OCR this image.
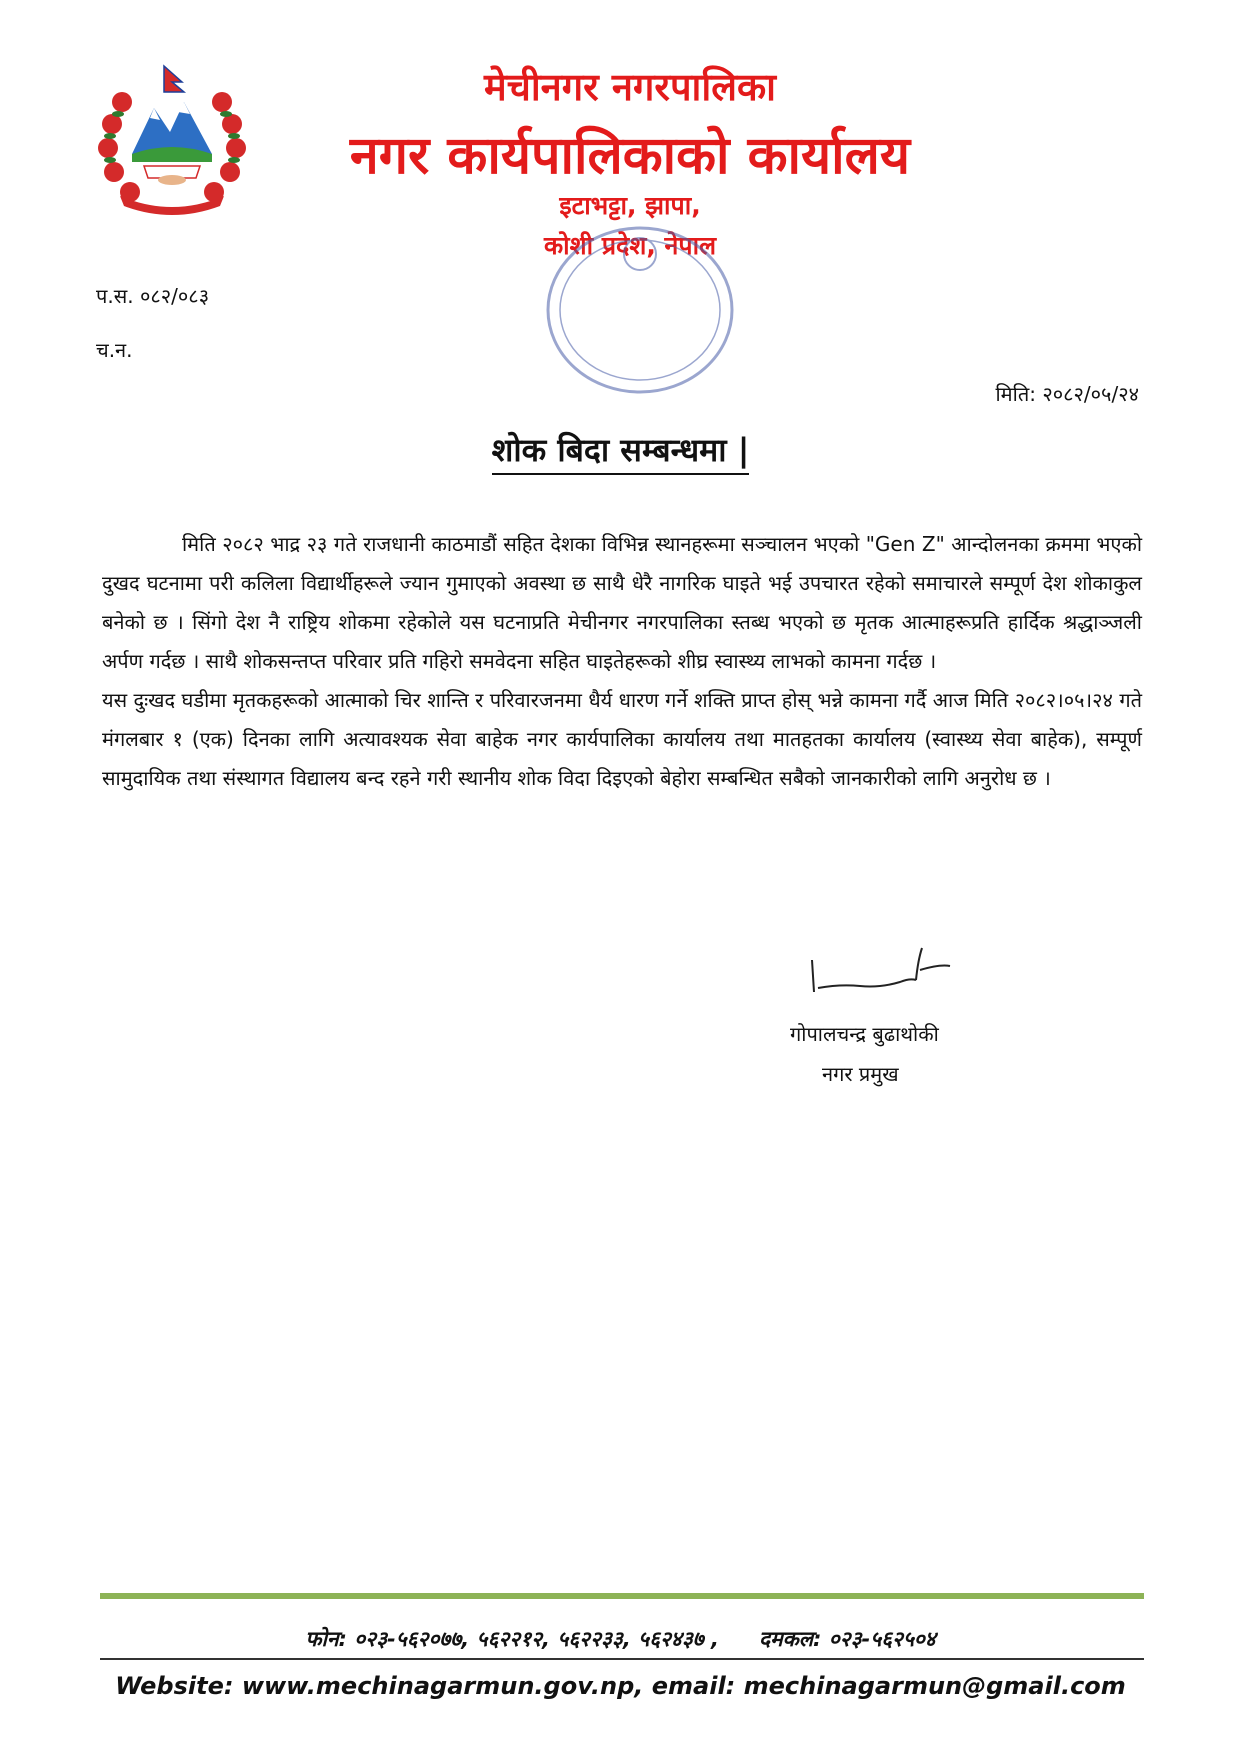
मेचीनगर नगरपालिका
नगर कार्यपालिकाको कार्यालय
इटाभट्टा, झापा,
कोशी प्रदेश, नेपाल
प.स. ०८२/०८३
च.न.
मिति: २०८२/०५/२४
शोक बिदा सम्बन्धमा |

मिति २०८२ भाद्र २३ गते राजधानी काठमाडौं सहित देशका विभिन्न स्थानहरूमा सञ्चालन भएको "Gen Z" आन्दोलनका क्रममा भएको दुखद घटनामा परी कलिला विद्यार्थीहरूले ज्यान गुमाएको अवस्था छ साथै धेरै नागरिक घाइते भई उपचारत रहेको समाचारले सम्पूर्ण देश शोकाकुल बनेको छ । सिंगो देश नै राष्ट्रिय शोकमा रहेकोले यस घटनाप्रति मेचीनगर नगरपालिका स्तब्ध भएको छ मृतक आत्माहरूप्रति हार्दिक श्रद्धाञ्जली अर्पण गर्दछ । साथै शोकसन्तप्त परिवार प्रति गहिरो समवेदना सहित घाइतेहरूको शीघ्र स्वास्थ्य लाभको कामना गर्दछ ।

यस दुःखद घडीमा मृतकहरूको आत्माको चिर शान्ति र परिवारजनमा धैर्य धारण गर्ने शक्ति प्राप्त होस् भन्ने कामना गर्दै आज मिति २०८२।०५।२४ गते मंगलबार १ (एक) दिनका लागि अत्यावश्यक सेवा बाहेक नगर कार्यपालिका कार्यालय तथा मातहतका कार्यालय (स्वास्थ्य सेवा बाहेक), सम्पूर्ण सामुदायिक तथा संस्थागत विद्यालय बन्द रहने गरी स्थानीय शोक विदा दिइएको बेहोरा सम्बन्धित सबैको जानकारीको लागि अनुरोध छ ।

गोपालचन्द्र बुढाथोकी
नगर प्रमुख
फोन: ०२३-५६२०७७, ५६२२१२, ५६२२३३, ५६२४३७ , दमकल: ०२३-५६२५०४
Website: www.mechinagarmun.gov.np, email: mechinagarmun@gmail.com
